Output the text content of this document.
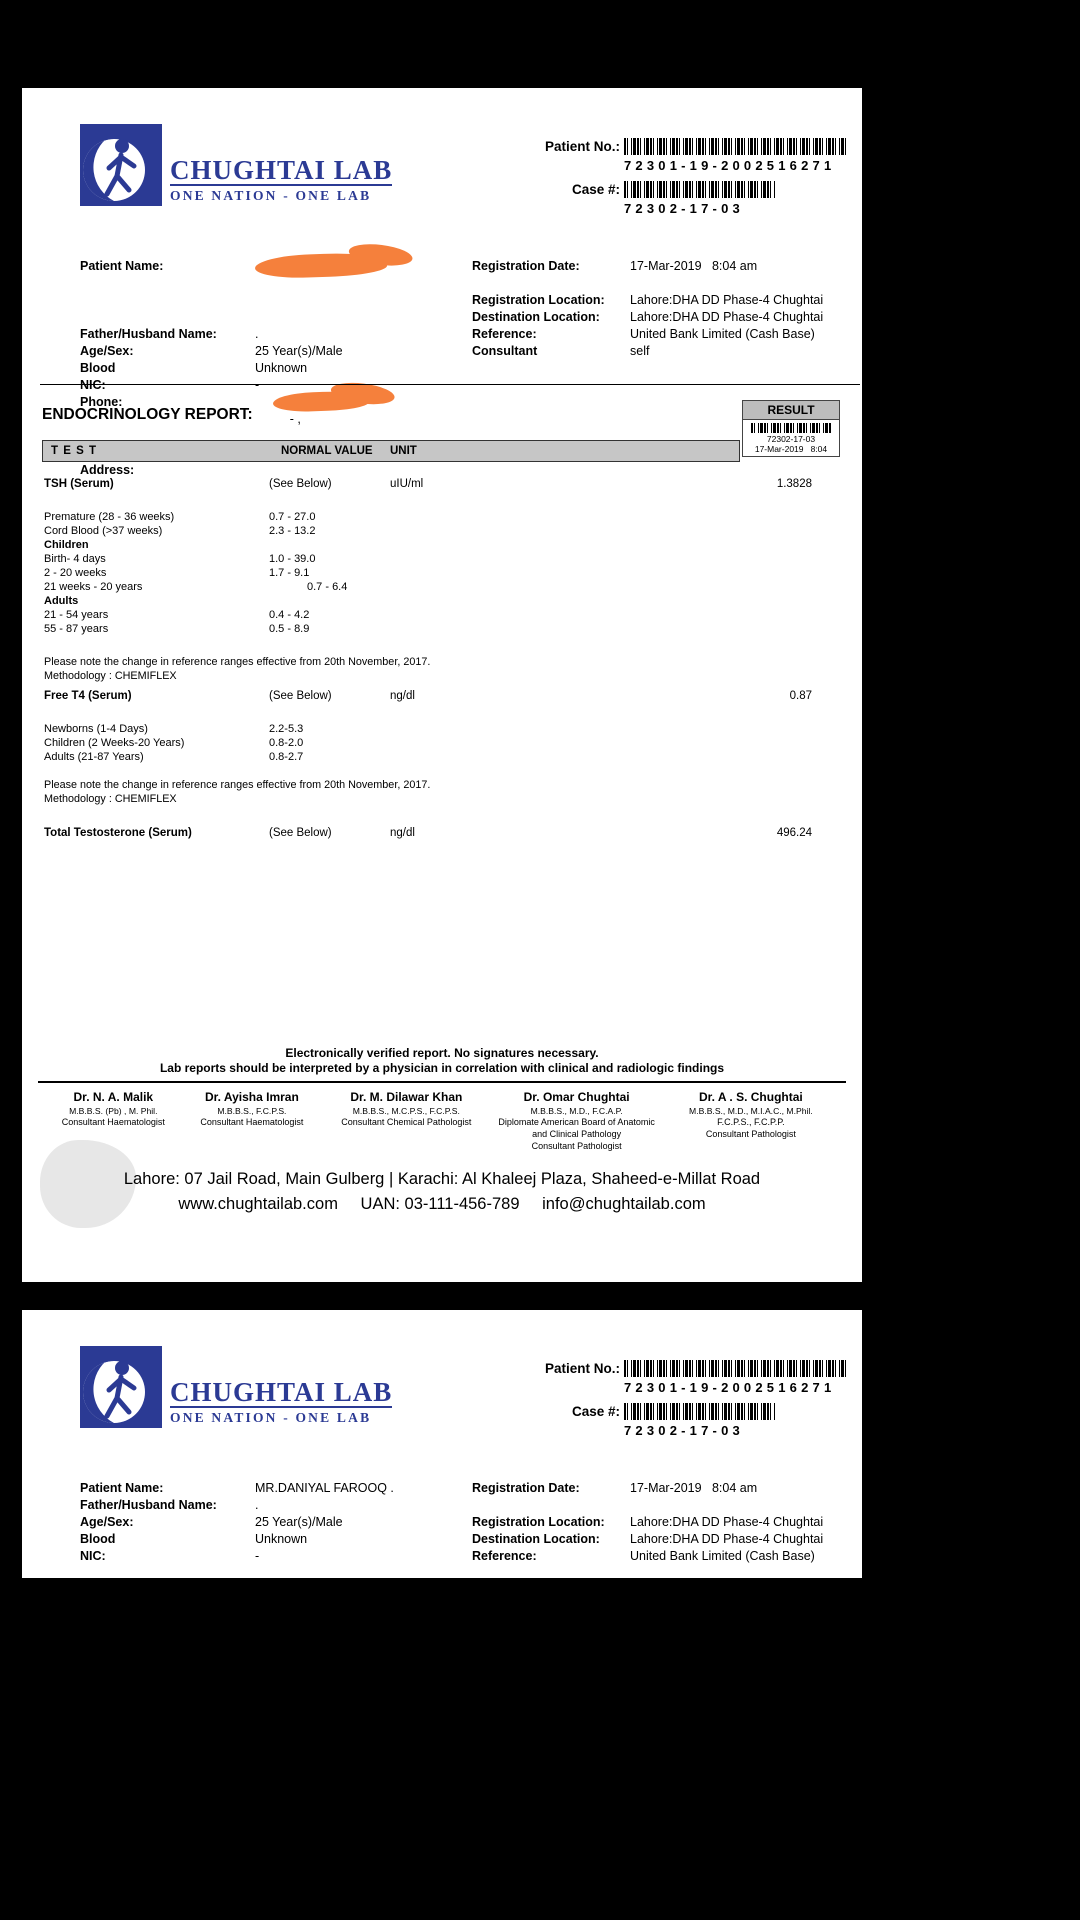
CHUGHTAI LAB
ONE NATION - ONE LAB
Patient No.:
72301-19-2002516271
Case #:
72302-17-03
Patient Name:

Father/Husband Name:	.
Age/Sex:	25 Year(s)/Male
Blood	Unknown
NIC:	-
Phone:

- ,

Address:
Registration Date:	17-Mar-2019   8:04 am
Registration Location:	Lahore:DHA DD Phase-4 Chughtai
Destination Location:	Lahore:DHA DD Phase-4 Chughtai
Reference:	United Bank Limited (Cash Base)
Consultant	self
ENDOCRINOLOGY REPORT:	RESULT
72302-17-03
17-Mar-2019   8:04
T E S T	NORMAL VALUE UNIT
TSH (Serum)	(See Below)	uIU/ml	1.3828
Premature (28 - 36 weeks)	0.7 - 27.0
Cord Blood (>37 weeks)	2.3 - 13.2
Children
Birth- 4 days	1.0 - 39.0
2 - 20 weeks	1.7 - 9.1
21 weeks - 20 years	0.7 - 6.4
Adults
21 - 54 years	0.4 - 4.2
55 - 87 years	0.5 - 8.9
Please note the change in reference ranges effective from 20th November, 2017.
Methodology : CHEMIFLEX
Free T4 (Serum)	(See Below)	ng/dl	0.87
Newborns (1-4 Days)	2.2-5.3
Children (2 Weeks-20 Years)	0.8-2.0
Adults (21-87 Years)	0.8-2.7
Please note the change in reference ranges effective from 20th November, 2017.
Methodology : CHEMIFLEX
Total Testosterone (Serum)	(See Below)	ng/dl	496.24
Electronically verified report. No signatures necessary.
Lab reports should be interpreted by a physician in correlation with clinical and radiologic findings
Dr. N. A. Malik
M.B.B.S. (Pb) , M. Phil.
Consultant Haematologist
Dr. Ayisha Imran
M.B.B.S., F.C.P.S.
Consultant Haematologist
Dr. M. Dilawar Khan
M.B.B.S., M.C.P.S., F.C.P.S.
Consultant Chemical Pathologist
Dr. Omar Chughtai
M.B.B.S., M.D., F.C.A.P.
Diplomate American Board of Anatomic and Clinical Pathology
Consultant Pathologist
Dr. A . S. Chughtai
M.B.B.S., M.D., M.I.A.C., M.Phil.
F.C.P.S., F.C.P.P.
Consultant Pathologist
Lahore: 07 Jail Road, Main Gulberg | Karachi: Al Khaleej Plaza, Shaheed-e-Millat Road
www.chughtailab.com UAN: 03-111-456-789 info@chughtailab.com
CHUGHTAI LAB
ONE NATION - ONE LAB
Patient No.:
72301-19-2002516271
Case #:
72302-17-03
Patient Name:	MR.DANIYAL FAROOQ .
Father/Husband Name:	.
Age/Sex:	25 Year(s)/Male
Blood	Unknown
NIC:	-
Registration Date:	17-Mar-2019   8:04 am
Registration Location:	Lahore:DHA DD Phase-4 Chughtai
Destination Location:	Lahore:DHA DD Phase-4 Chughtai
Reference:	United Bank Limited (Cash Base)
